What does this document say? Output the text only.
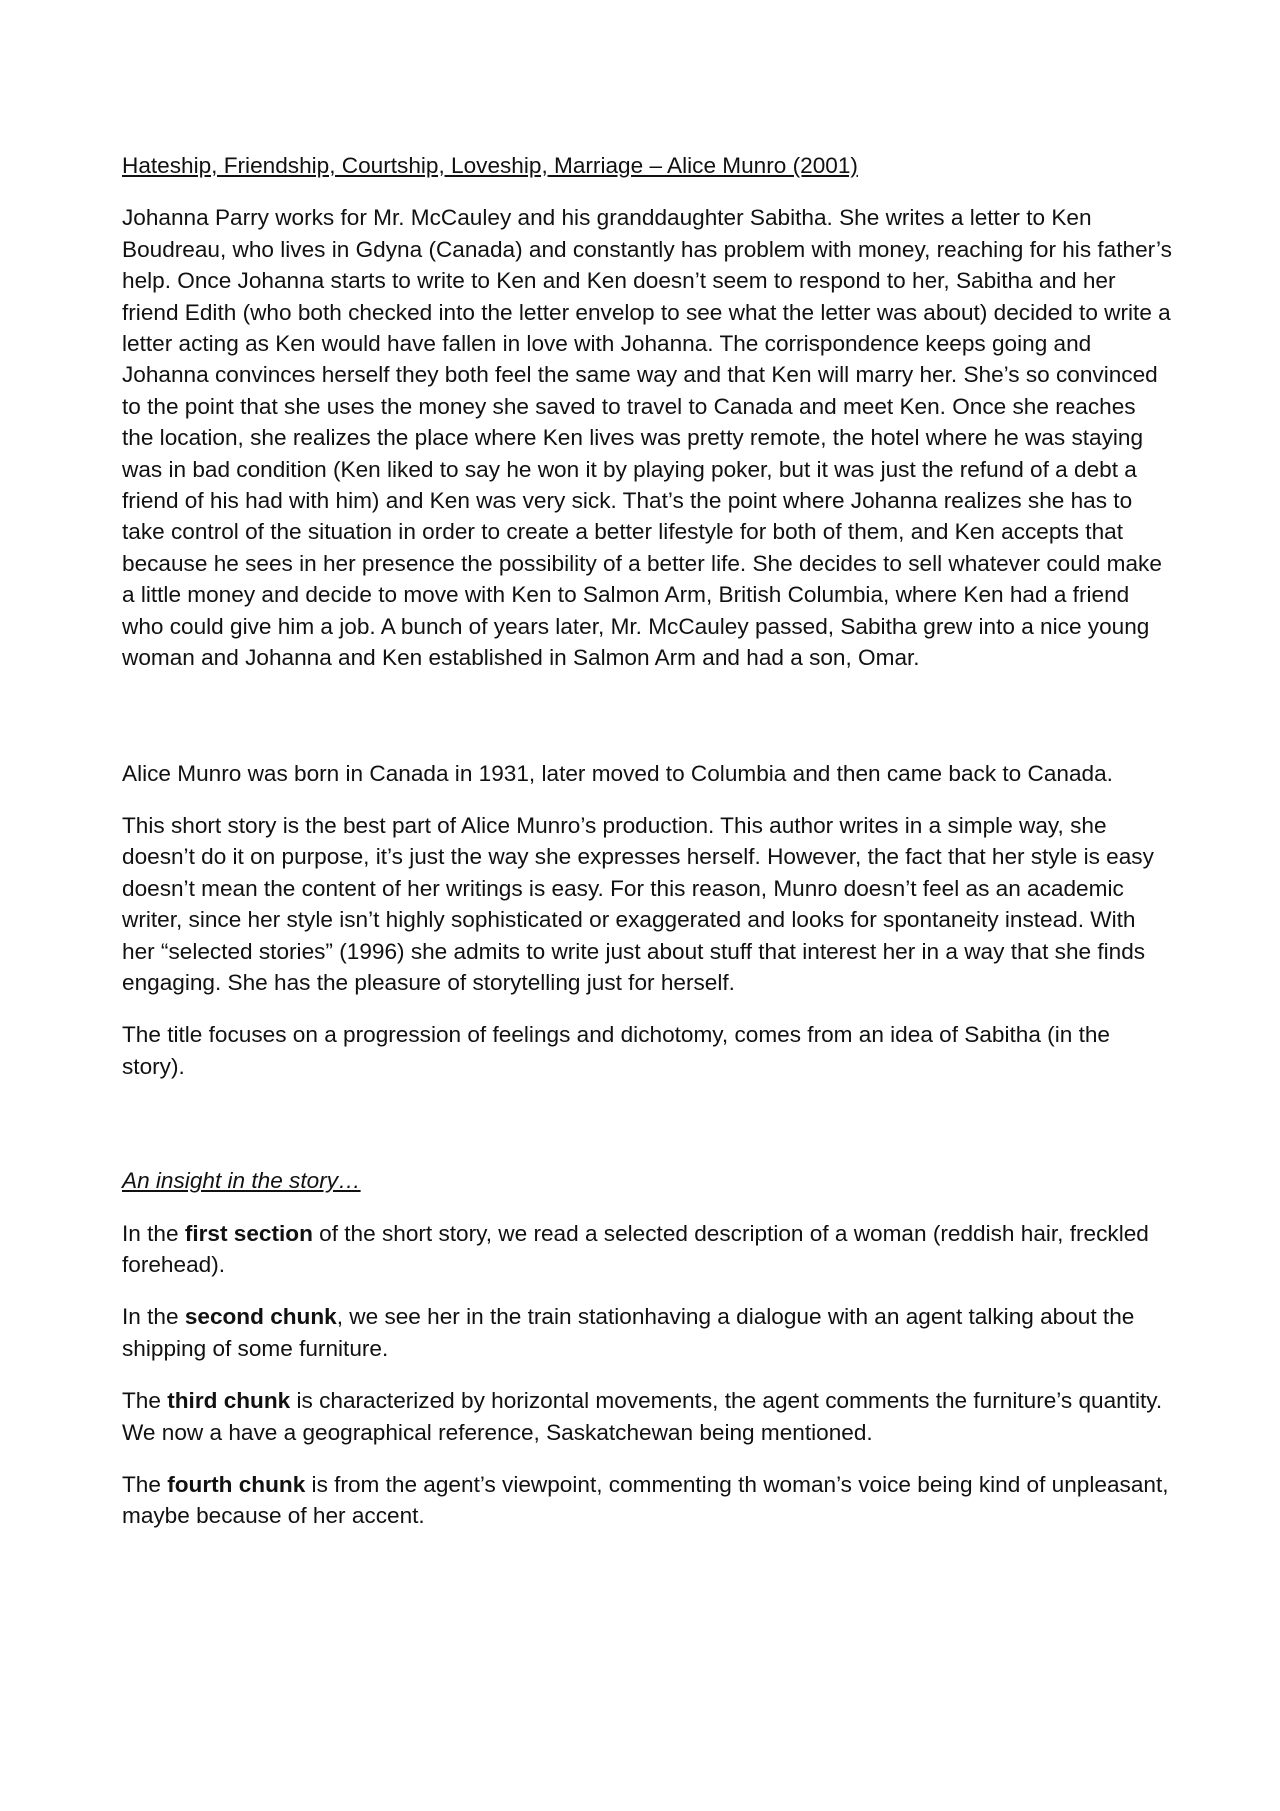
Hateship, Friendship, Courtship, Loveship, Marriage – Alice Munro (2001)

Johanna Parry works for Mr. McCauley and his granddaughter Sabitha. She writes a letter to Ken Boudreau, who lives in Gdyna (Canada) and constantly has problem with money, reaching for his father’s help. Once Johanna starts to write to Ken and Ken doesn’t seem to respond to her, Sabitha and her friend Edith (who both checked into the letter envelop to see what the letter was about) decided to write a letter acting as Ken would have fallen in love with Johanna. The corrispondence keeps going and Johanna convinces herself they both feel the same way and that Ken will marry her. She’s so convinced to the point that she uses the money she saved to travel to Canada and meet Ken. Once she reaches the location, she realizes the place where Ken lives was pretty remote, the hotel where he was staying was in bad condition (Ken liked to say he won it by playing poker, but it was just the refund of a debt a friend of his had with him) and Ken was very sick. That’s the point where Johanna realizes she has to take control of the situation in order to create a better lifestyle for both of them, and Ken accepts that because he sees in her presence the possibility of a better life. She decides to sell whatever could make a little money and decide to move with Ken to Salmon Arm, British Columbia, where Ken had a friend who could give him a job. A bunch of years later, Mr. McCauley passed, Sabitha grew into a nice young woman and Johanna and Ken established in Salmon Arm and had a son, Omar.

Alice Munro was born in Canada in 1931, later moved to Columbia and then came back to Canada.

This short story is the best part of Alice Munro’s production. This author writes in a simple way, she doesn’t do it on purpose, it’s just the way she expresses herself. However, the fact that her style is easy doesn’t mean the content of her writings is easy. For this reason, Munro doesn’t feel as an academic writer, since her style isn’t highly sophisticated or exaggerated and looks for spontaneity instead. With her “selected stories” (1996) she admits to write just about stuff that interest her in a way that she finds engaging. She has the pleasure of storytelling just for herself.

The title focuses on a progression of feelings and dichotomy, comes from an idea of Sabitha (in the story).

An insight in the story…

In the first section of the short story, we read a selected description of a woman (reddish hair, freckled forehead).

In the second chunk, we see her in the train stationhaving a dialogue with an agent talking about the shipping of some furniture.

The third chunk is characterized by horizontal movements, the agent comments the furniture’s quantity. We now a have a geographical reference, Saskatchewan being mentioned.

The fourth chunk is from the agent’s viewpoint, commenting th woman’s voice being kind of unpleasant, maybe because of her accent.
